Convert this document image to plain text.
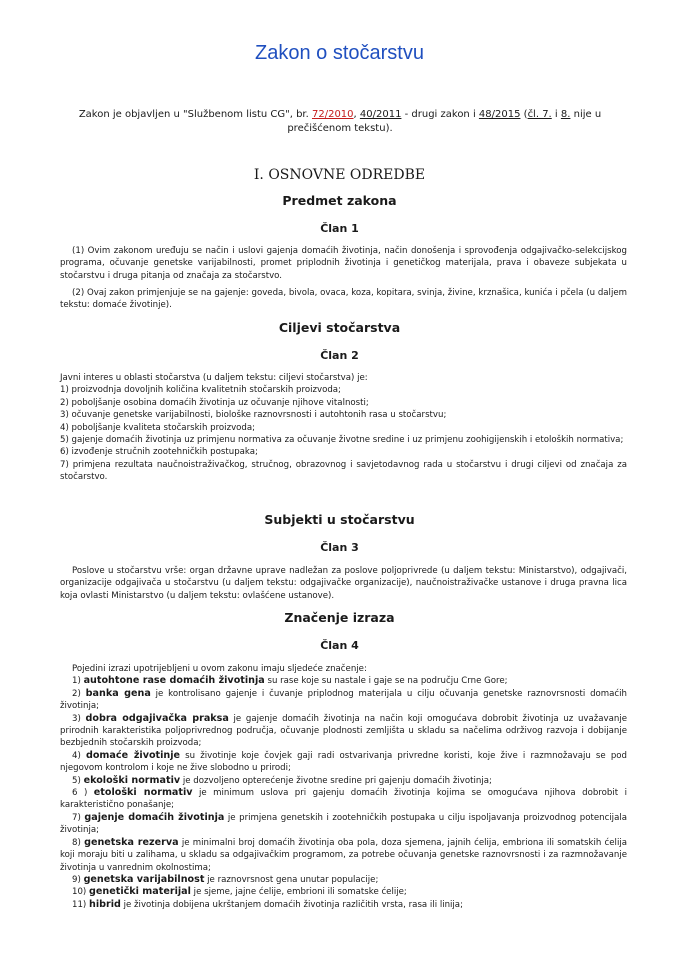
Zakon o stočarstvu

Zakon je objavljen u "Službenom listu CG", br. 72/2010, 40/2011 - drugi zakon i 48/2015 (čl. 7. i 8. nije u prečišćenom tekstu).

I. OSNOVNE ODREDBE
Predmet zakona
Član 1

(1) Ovim zakonom uređuju se način i uslovi gajenja domaćih životinja, način donošenja i sprovođenja odgajivačko-selekcijskog programa, očuvanje genetske varijabilnosti, promet priplodnih životinja i genetičkog materijala, prava i obaveze subjekata u stočarstvu i druga pitanja od značaja za stočarstvo.

(2) Ovaj zakon primjenjuje se na gajenje: goveda, bivola, ovaca, koza, kopitara, svinja, živine, krznašica, kunića i pčela (u daljem tekstu: domaće životinje).

Ciljevi stočarstva
Član 2
Javni interes u oblasti stočarstva (u daljem tekstu: ciljevi stočarstva) je:
1) proizvodnja dovoljnih količina kvalitetnih stočarskih proizvoda;
2) poboljšanje osobina domaćih životinja uz očuvanje njihove vitalnosti;
3) očuvanje genetske varijabilnosti, biološke raznovrsnosti i autohtonih rasa u stočarstvu;
4) poboljšanje kvaliteta stočarskih proizvoda;
5) gajenje domaćih životinja uz primjenu normativa za očuvanje životne sredine i uz primjenu zoohigijenskih i etoloških normativa;
6) izvođenje stručnih zootehničkih postupaka;
7) primjena rezultata naučnoistraživačkog, stručnog, obrazovnog i savjetodavnog rada u stočarstvu i drugi ciljevi od značaja za stočarstvo.
Subjekti u stočarstvu
Član 3

Poslove u stočarstvu vrše: organ državne uprave nadležan za poslove poljoprivrede (u daljem tekstu: Ministarstvo), odgajivači, organizacije odgajivača u stočarstvu (u daljem tekstu: odgajivačke organizacije), naučnoistraživačke ustanove i druga pravna lica koja ovlasti Ministarstvo (u daljem tekstu: ovlašćene ustanove).

Značenje izraza
Član 4
Pojedini izrazi upotrijebljeni u ovom zakonu imaju sljedeće značenje:
1) autohtone rase domaćih životinja su rase koje su nastale i gaje se na području Crne Gore;
2) banka gena je kontrolisano gajenje i čuvanje priplodnog materijala u cilju očuvanja genetske raznovrsnosti domaćih životinja;
3) dobra odgajivačka praksa je gajenje domaćih životinja na način koji omogućava dobrobit životinja uz uvažavanje prirodnih karakteristika poljoprivrednog područja, očuvanje plodnosti zemljišta u skladu sa načelima održivog razvoja i dobijanje bezbjednih stočarskih proizvoda;
4) domaće životinje su životinje koje čovjek gaji radi ostvarivanja privredne koristi, koje žive i razmnožavaju se pod njegovom kontrolom i koje ne žive slobodno u prirodi;
5) ekološki normativ je dozvoljeno opterećenje životne sredine pri gajenju domaćih životinja;
6 ) etološki normativ je minimum uslova pri gajenju domaćih životinja kojima se omogućava njihova dobrobit i karakteristično ponašanje;
7) gajenje domaćih životinja je primjena genetskih i zootehničkih postupaka u cilju ispoljavanja proizvodnog potencijala životinja;
8) genetska rezerva je minimalni broj domaćih životinja oba pola, doza sjemena, jajnih ćelija, embriona ili somatskih ćelija koji moraju biti u zalihama, u skladu sa odgajivačkim programom, za potrebe očuvanja genetske raznovrsnosti i za razmnožavanje životinja u vanrednim okolnostima;
9) genetska varijabilnost je raznovrsnost gena unutar populacije;
10) genetički materijal je sjeme, jajne ćelije, embrioni ili somatske ćelije;
11) hibrid je životinja dobijena ukrštanjem domaćih životinja različitih vrsta, rasa ili linija;
